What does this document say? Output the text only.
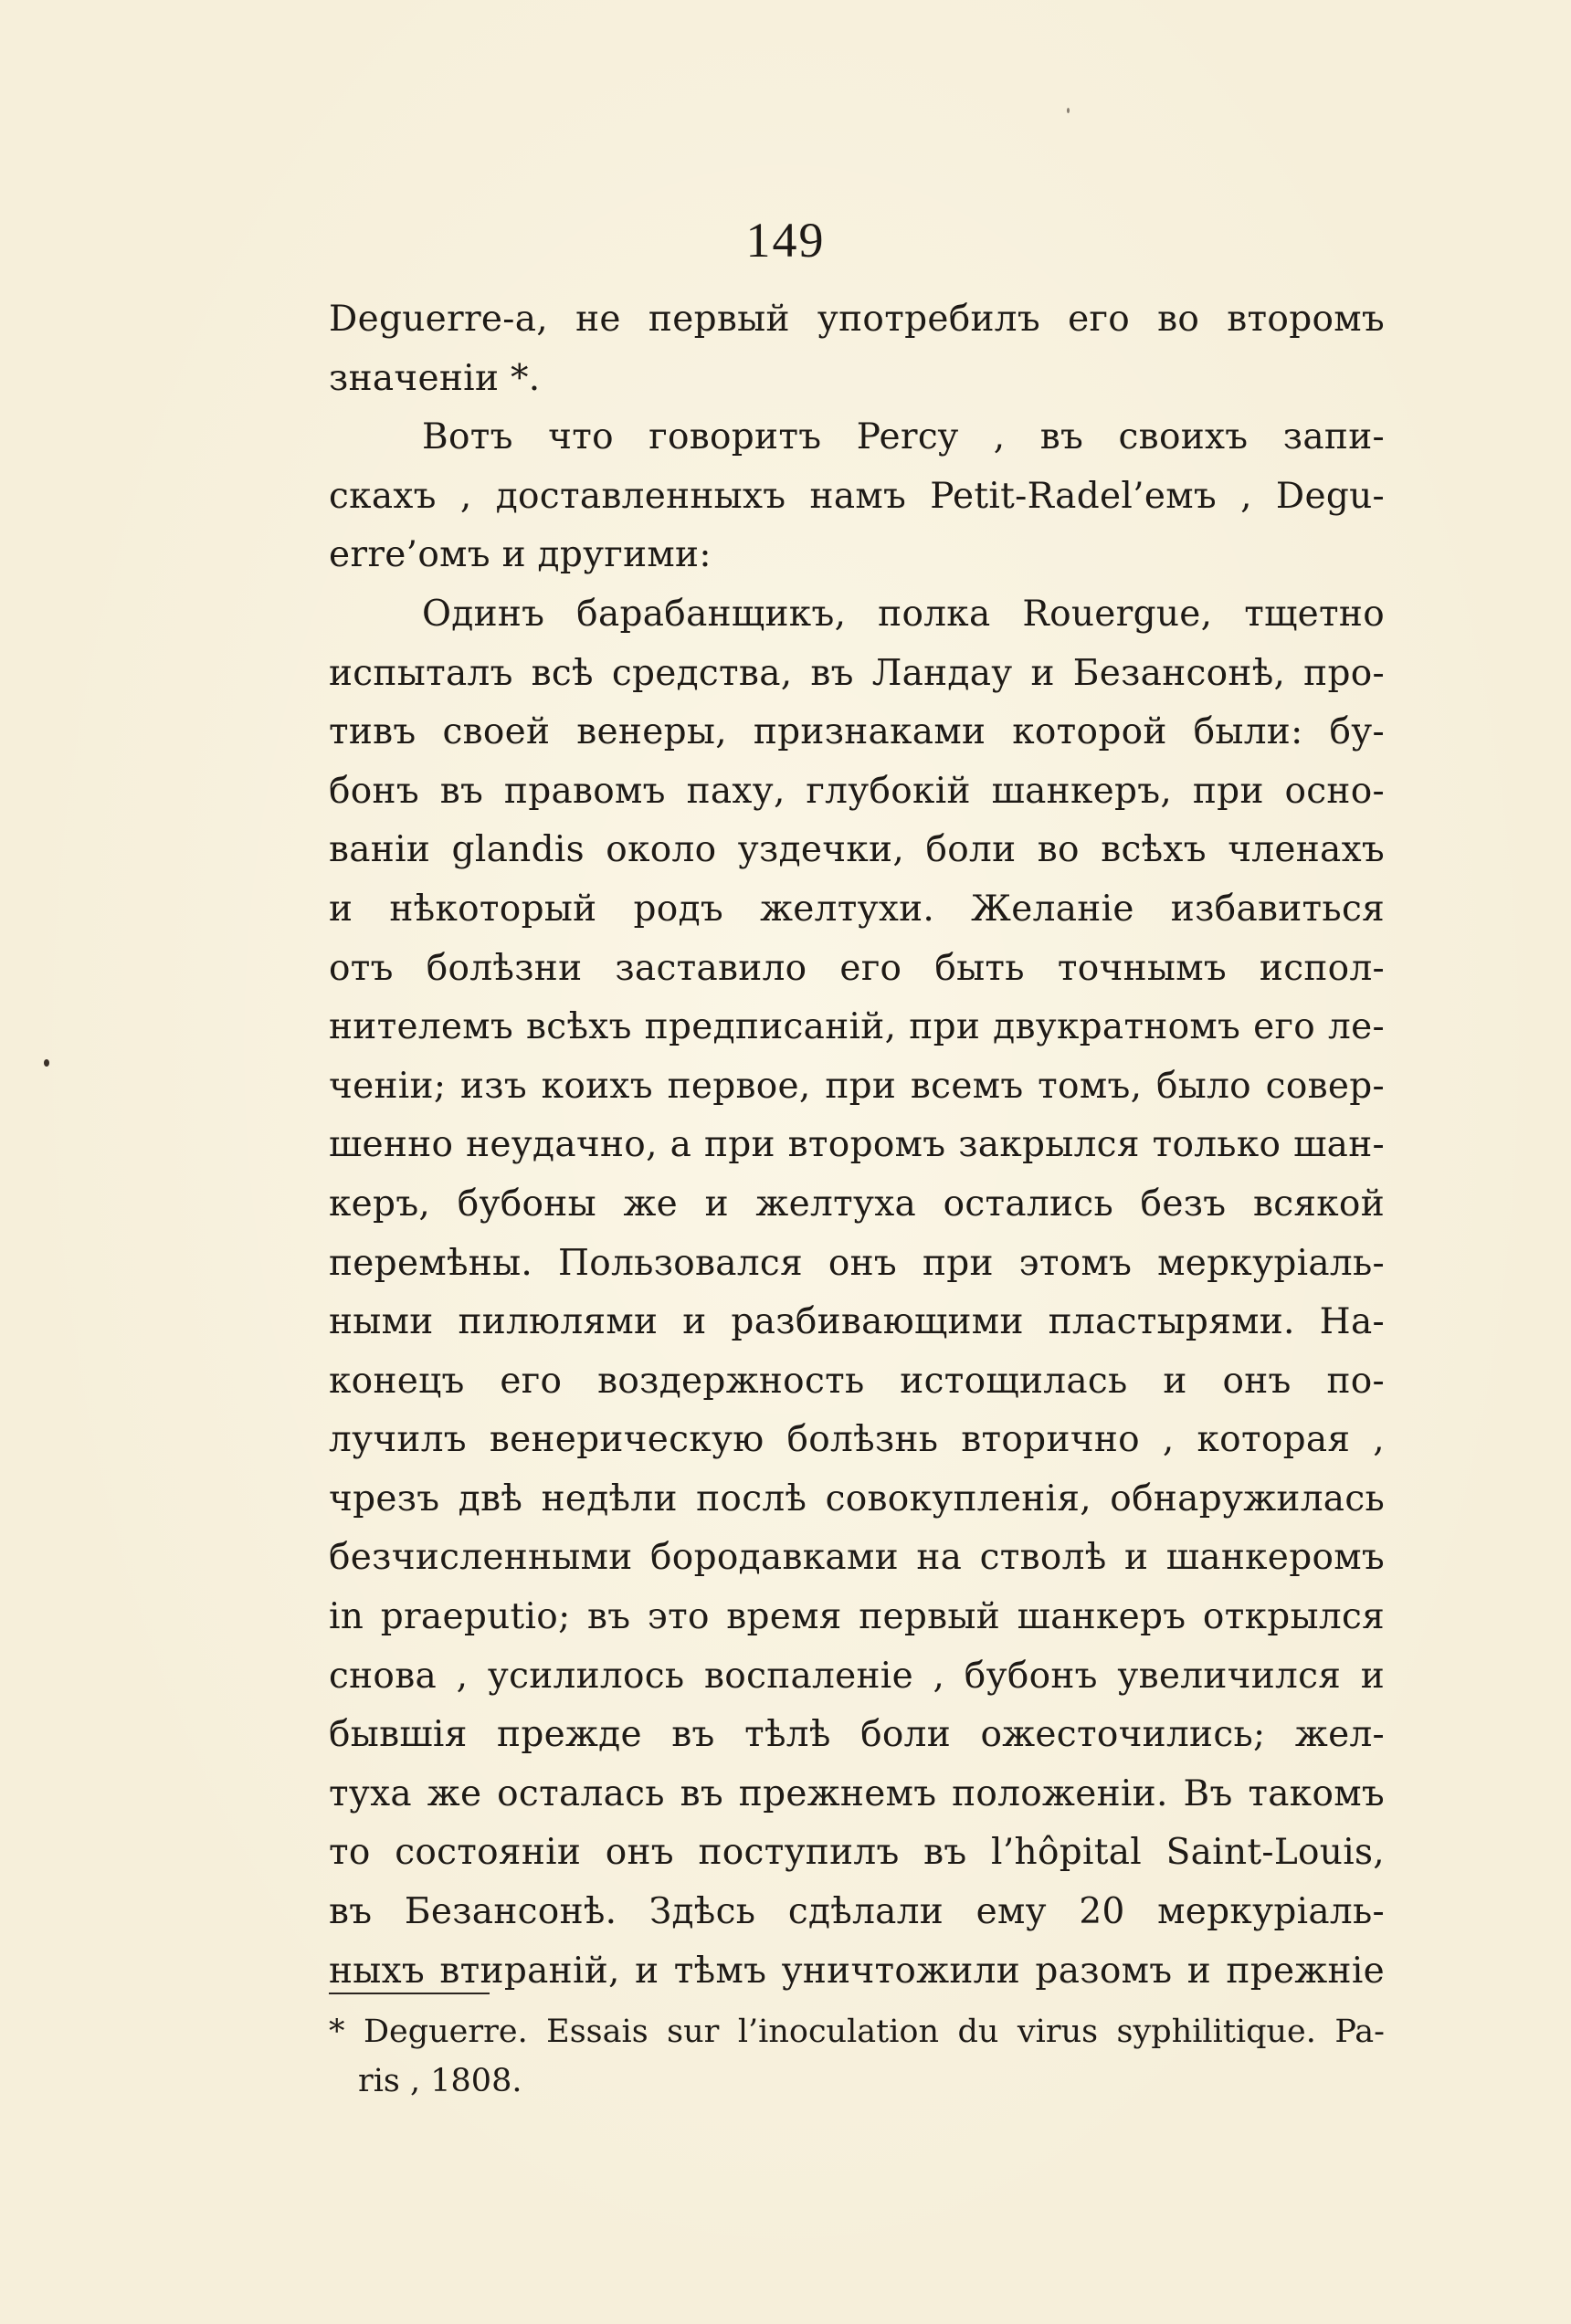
149
Deguerre-а, не первый употребилъ его во второмъ
значенiи *.
Вотъ что говоритъ Percy , въ своихъ запи-
скахъ , доставленныхъ намъ Petit-Radel’емъ , Degu-
erre’омъ и другими:
Одинъ барабанщикъ, полка Rouergue, тщетно
испыталъ всѣ средства, въ Ландау и Безансонѣ, про-
тивъ своей венеры, признаками которой были: бу-
бонъ въ правомъ паху, глубокiй шанкеръ, при осно-
ванiи glandis около уздечки, боли во всѣхъ членахъ
и нѣкоторый родъ желтухи. Желанiе избавиться
отъ болѣзни заставило его быть точнымъ испол-
нителемъ всѣхъ предписанiй, при двукратномъ его ле-
ченiи; изъ коихъ первое, при всемъ томъ, было совер-
шенно неудачно, а при второмъ закрылся только шан-
керъ, бубоны же и желтуха остались безъ всякой
перемѣны. Пользовался онъ при этомъ меркурiаль-
ными пилюлями и разбивающими пластырями. На-
конецъ его воздержность истощилась и онъ по-
лучилъ венерическую болѣзнь вторично , которая ,
чрезъ двѣ недѣли послѣ совокупленiя, обнаружилась
безчисленными бородавками на стволѣ и шанкеромъ
in praeputio; въ это время первый шанкеръ открылся
снова , усилилось воспаленiе , бубонъ увеличился и
бывшiя прежде въ тѣлѣ боли ожесточились; жел-
туха же осталась въ прежнемъ положенiи. Въ такомъ
то состоянiи онъ поступилъ въ l’hôpital Saint-Louis,
въ Безансонѣ. Здѣсь сдѣлали ему 20 меркурiаль-
ныхъ втиранiй, и тѣмъ уничтожили разомъ и прежнiе
* Deguerre. Essais sur l’inoculation du virus syphilitique. Pa-
ris , 1808.
